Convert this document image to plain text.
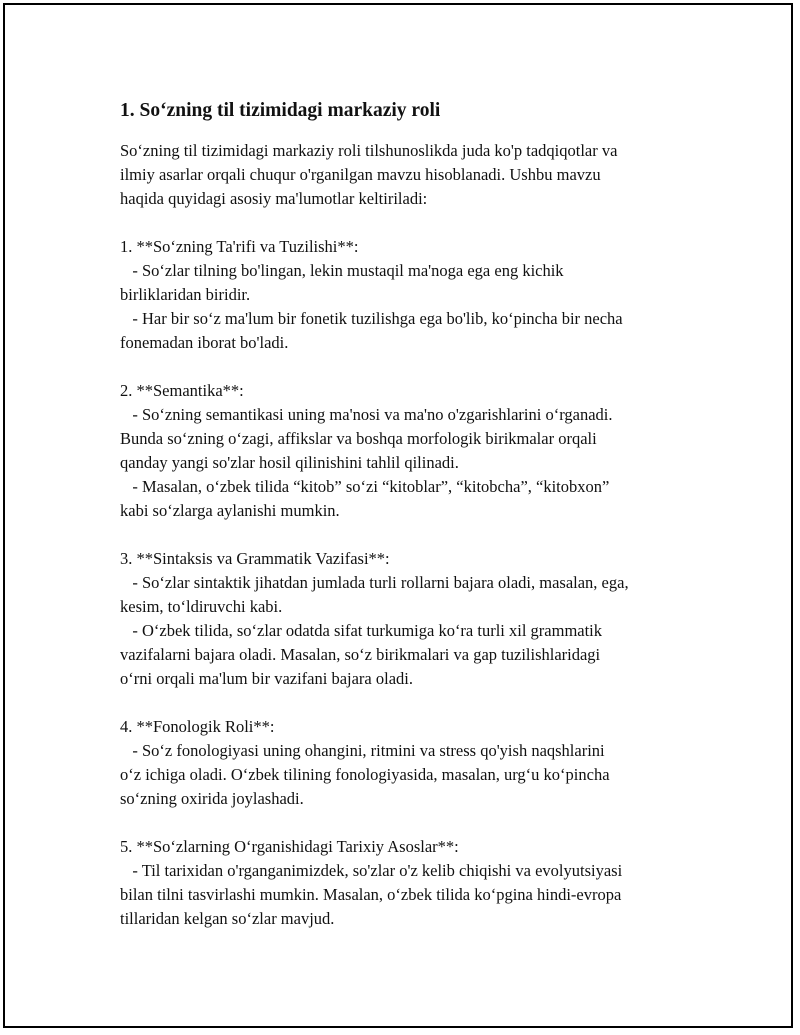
1. So‘zning til tizimidagi markaziy roli

So‘zning til tizimidagi markaziy roli tilshunoslikda juda ko'p tadqiqotlar va
ilmiy asarlar orqali chuqur o'rganilgan mavzu hisoblanadi. Ushbu mavzu
haqida quyidagi asosiy ma'lumotlar keltiriladi:

1. **So‘zning Ta'rifi va Tuzilishi**:

- So‘zlar tilning bo'lingan, lekin mustaqil ma'noga ega eng kichik
birliklaridan biridir.
- Har bir so‘z ma'lum bir fonetik tuzilishga ega bo'lib, ko‘pincha bir necha
fonemadan iborat bo'ladi.

2. **Semantika**:

- So‘zning semantikasi uning ma'nosi va ma'no o'zgarishlarini o‘rganadi.
Bunda so‘zning o‘zagi, affikslar va boshqa morfologik birikmalar orqali
qanday yangi so'zlar hosil qilinishini tahlil qilinadi.
- Masalan, o‘zbek tilida “kitob” so‘zi “kitoblar”, “kitobcha”, “kitobxon”
kabi so‘zlarga aylanishi mumkin.

3. **Sintaksis va Grammatik Vazifasi**:

- So‘zlar sintaktik jihatdan jumlada turli rollarni bajara oladi, masalan, ega,
kesim, to‘ldiruvchi kabi.
- O‘zbek tilida, so‘zlar odatda sifat turkumiga ko‘ra turli xil grammatik
vazifalarni bajara oladi. Masalan, so‘z birikmalari va gap tuzilishlaridagi
o‘rni orqali ma'lum bir vazifani bajara oladi.

4. **Fonologik Roli**:

- So‘z fonologiyasi uning ohangini, ritmini va stress qo'yish naqshlarini
o‘z ichiga oladi. O‘zbek tilining fonologiyasida, masalan, urg‘u ko‘pincha
so‘zning oxirida joylashadi.

5. **So‘zlarning O‘rganishidagi Tarixiy Asoslar**:

- Til tarixidan o'rganganimizdek, so'zlar o'z kelib chiqishi va evolyutsiyasi
bilan tilni tasvirlashi mumkin. Masalan, o‘zbek tilida ko‘pgina hindi-evropa
tillaridan kelgan so‘zlar mavjud.
